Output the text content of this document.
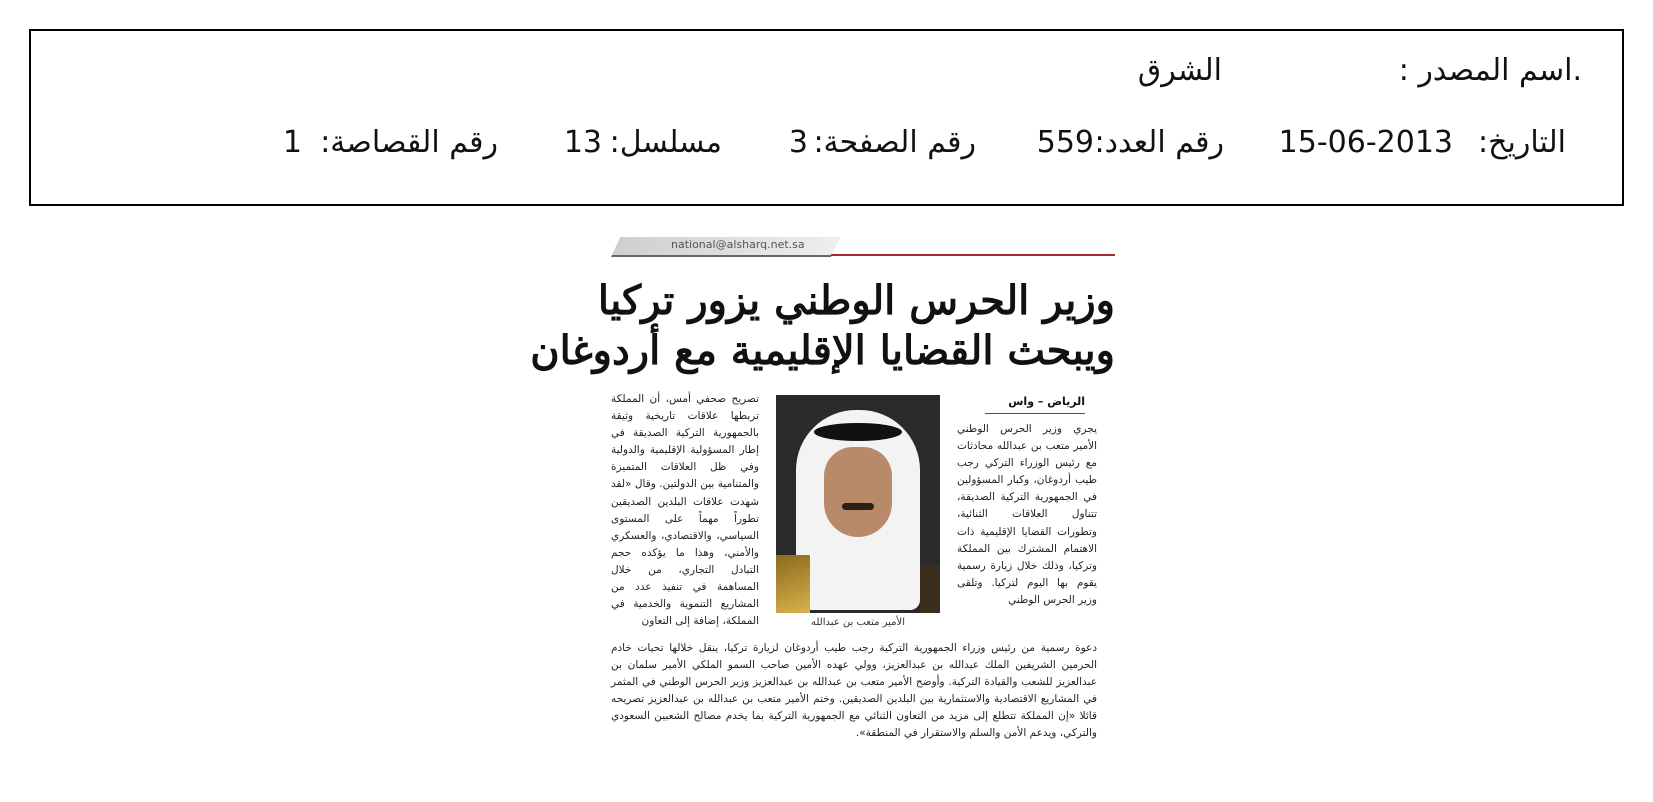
.اسم المصدر :
الشرق
التاريخ:
15-06-2013
رقم العدد:
559
رقم الصفحة:
3
مسلسل:
13
رقم القصاصة:
1
national@alsharq.net.sa
وزير الحرس الوطني يزور تركيا
ويبحث القضايا الإقليمية مع أردوغان
الرياض – واس
يجري وزير الحرس الوطني الأمير متعب بن عبدالله محادثات مع رئيس الوزراء التركي رجب طيب أردوغان، وكبار المسؤولين في الجمهورية التركية الصديقة، تتناول العلاقات الثنائية، وتطورات القضايا الإقليمية ذات الاهتمام المشترك بين المملكة وتركيا، وذلك خلال زيارة رسمية يقوم بها اليوم لتركيا. وتلقى وزير الحرس الوطني
الأمير متعب بن عبدالله
تصريح صحفي أمس، أن المملكة تربطها علاقات تاريخية وثيقة بالجمهورية التركية الصديقة في إطار المسؤولية الإقليمية والدولية وفي ظل العلاقات المتميزة والمتنامية بين الدولتين. وقال «لقد شهدت علاقات البلدين الصديقين تطوراً مهماً على المستوى السياسي، والاقتصادي، والعسكري والأمني، وهذا ما يؤكده حجم التبادل التجاري، من خلال المساهمة في تنفيذ عدد من المشاريع التنموية والخدمية في المملكة، إضافة إلى التعاون
دعوة رسمية من رئيس وزراء الجمهورية التركية رجب طيب أردوغان لزيارة تركيا، ينقل خلالها تحيات خادم الحرمين الشريفين الملك عبدالله بن عبدالعزيز، وولي عهده الأمين صاحب السمو الملكي الأمير سلمان بن عبدالعزيز للشعب والقيادة التركية. وأوضح الأمير متعب بن عبدالله بن عبدالعزيز وزير الحرس الوطني في المثمر في المشاريع الاقتصادية والاستثمارية بين البلدين الصديقين. وختم الأمير متعب بن عبدالله بن عبدالعزيز تصريحه قائلا «إن المملكة تتطلع إلى مزيد من التعاون الثنائي مع الجمهورية التركية بما يخدم مصالح الشعبين السعودي والتركي، ويدعم الأمن والسلم والاستقرار في المنطقة».
